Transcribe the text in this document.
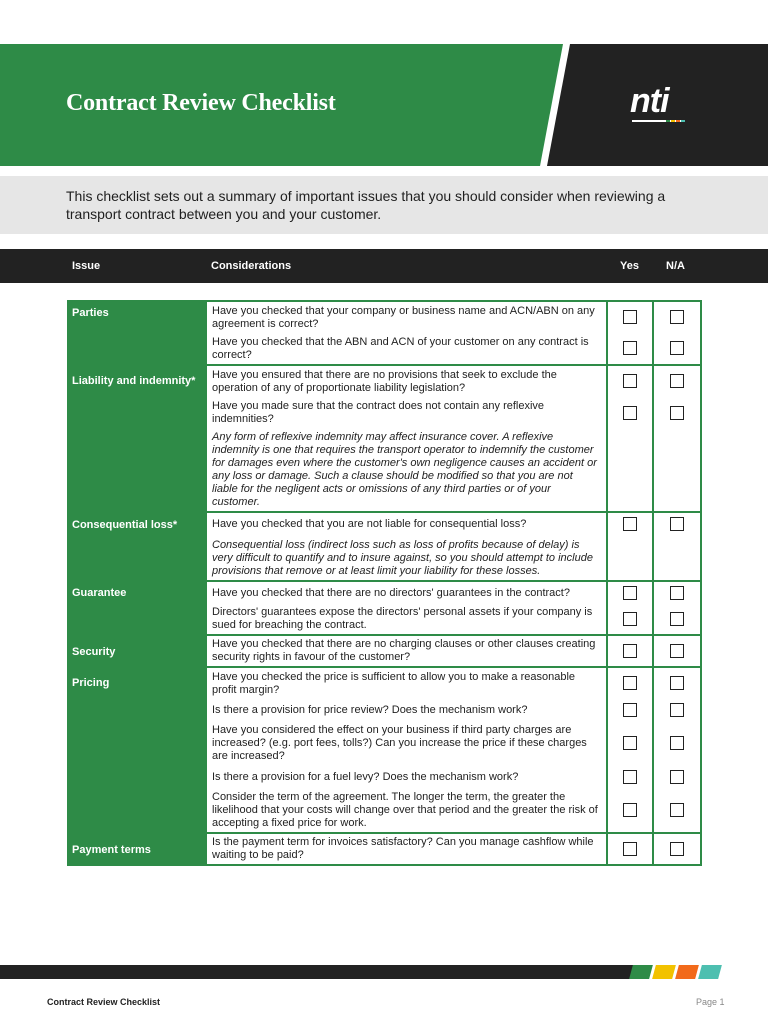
Contract Review Checklist	nti

This checklist sets out a summary of important issues that you should consider when reviewing a transport contract between you and your customer.

Issue	Considerations	Yes N/A
Parties	Have you checked that your company or business name and ACN/ABN on any agreement is correct?		
	Have you checked that the ABN and ACN of your customer on any contract is correct?		
Liability and indemnity*	Have you ensured that there are no provisions that seek to exclude the operation of any of proportionate liability legislation?		
	Have you made sure that the contract does not contain any reflexive indemnities?		
	Any form of reflexive indemnity may affect insurance cover. A reflexive indemnity is one that requires the transport operator to indemnify the customer for damages even where the customer's own negligence causes an accident or any loss or damage. Such a clause should be modified so that you are not liable for the negligent acts or omissions of any third parties or of your customer.		
Consequential loss*	Have you checked that you are not liable for consequential loss?		
	Consequential loss (indirect loss such as loss of profits because of delay) is very difficult to quantify and to insure against, so you should attempt to include provisions that remove or at least limit your liability for these losses.		
Guarantee	Have you checked that there are no directors' guarantees in the contract?		
	Directors' guarantees expose the directors' personal assets if your company is sued for breaching the contract.		
Security	Have you checked that there are no charging clauses or other clauses creating security rights in favour of the customer?		
Pricing	Have you checked the price is sufficient to allow you to make a reasonable profit margin?		
	Is there a provision for price review? Does the mechanism work?		
	Have you considered the effect on your business if third party charges are increased? (e.g. port fees, tolls?) Can you increase the price if these charges are increased?		
	Is there a provision for a fuel levy? Does the mechanism work?		
	Consider the term of the agreement. The longer the term, the greater the likelihood that your costs will change over that period and the greater the risk of accepting a fixed price for work.		
Payment terms	Is the payment term for invoices satisfactory? Can you manage cashflow while waiting to be paid?		
Contract Review Checklist	Page 1
